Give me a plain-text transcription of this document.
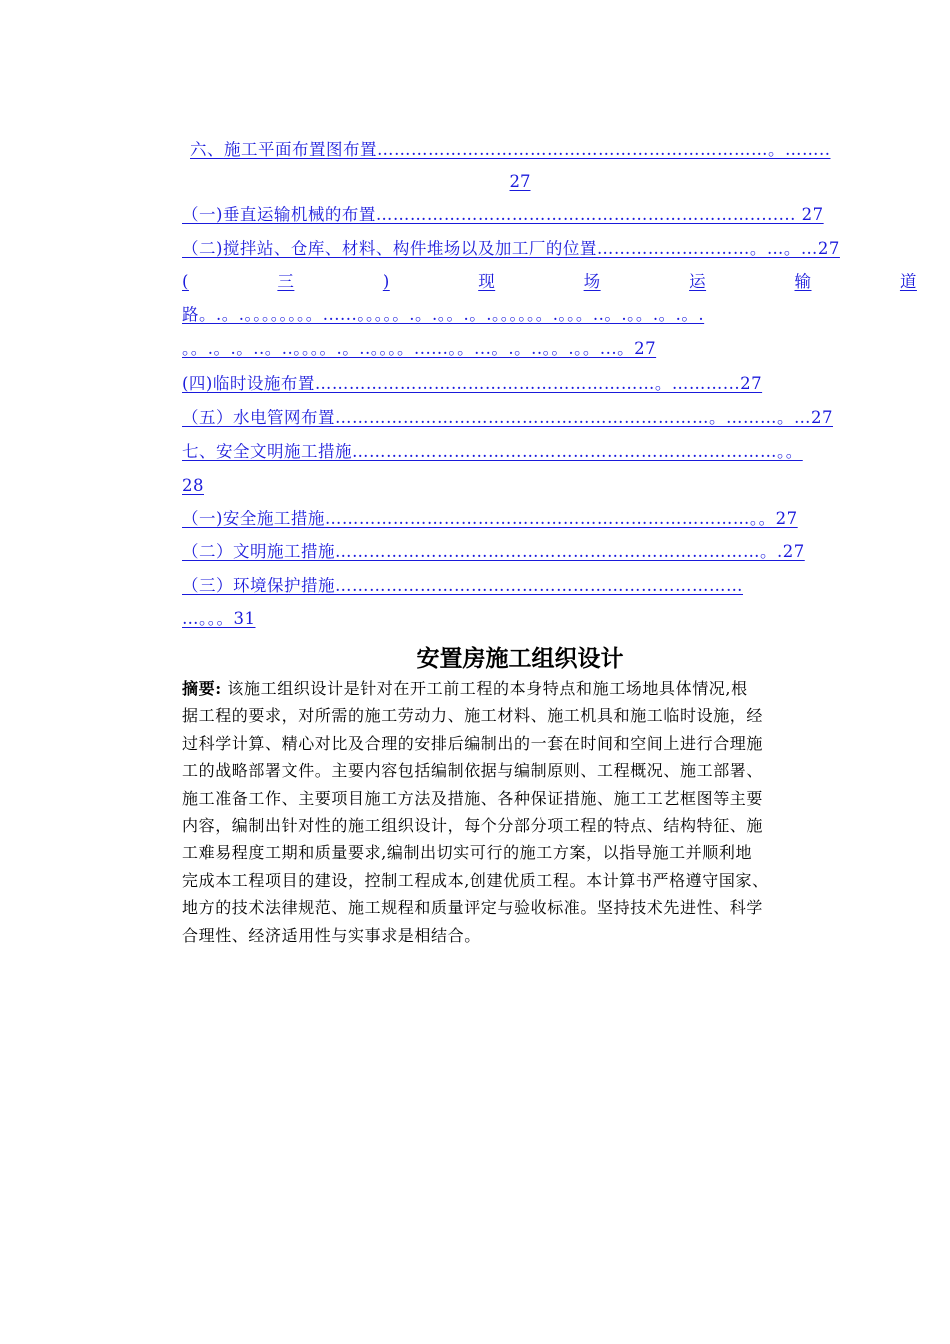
六、施工平面布置图布置……………………………………………………………。……..
27
（一)垂直运输机械的布置…………………………………………………………........ 27
（二)搅拌站、仓库、材料、构件堆场以及加工厂的位置………………………。…。…27
(	三	)	现	场	运	输	道
路。.。.。。。。。。。。......。。。。。.。.。。.。.。。。。。。.。。。..。.。。.。.。.
。。.。.。..。..。。。。.。..。。。。......。。...。.。..。。.。。...。27
(四)临时设施布置……………………………………………………。………...27
（五）水电管网布置…………………………………………………………。………。…27
七、安全文明施工措施…………………………………………………………………。。
28
（一)安全施工措施…………………………………………………………………。。27
（二）文明施工措施…………………………………………………………………。.27
（三）环境保护措施………………………………………………………………
…。。。31
安置房施工组织设计
摘要: 该施工组织设计是针对在开工前工程的本身特点和施工场地具体情况,根
据工程的要求，对所需的施工劳动力、施工材料、施工机具和施工临时设施，经
过科学计算、精心对比及合理的安排后编制出的一套在时间和空间上进行合理施
工的战略部署文件。主要内容包括编制依据与编制原则、工程概况、施工部署、
施工准备工作、主要项目施工方法及措施、各种保证措施、施工工艺框图等主要
内容，编制出针对性的施工组织设计，每个分部分项工程的特点、结构特征、施
工难易程度工期和质量要求,编制出切实可行的施工方案，以指导施工并顺利地
完成本工程项目的建设，控制工程成本,创建优质工程。本计算书严格遵守国家、
地方的技术法律规范、施工规程和质量评定与验收标准。坚持技术先进性、科学
合理性、经济适用性与实事求是相结合。
